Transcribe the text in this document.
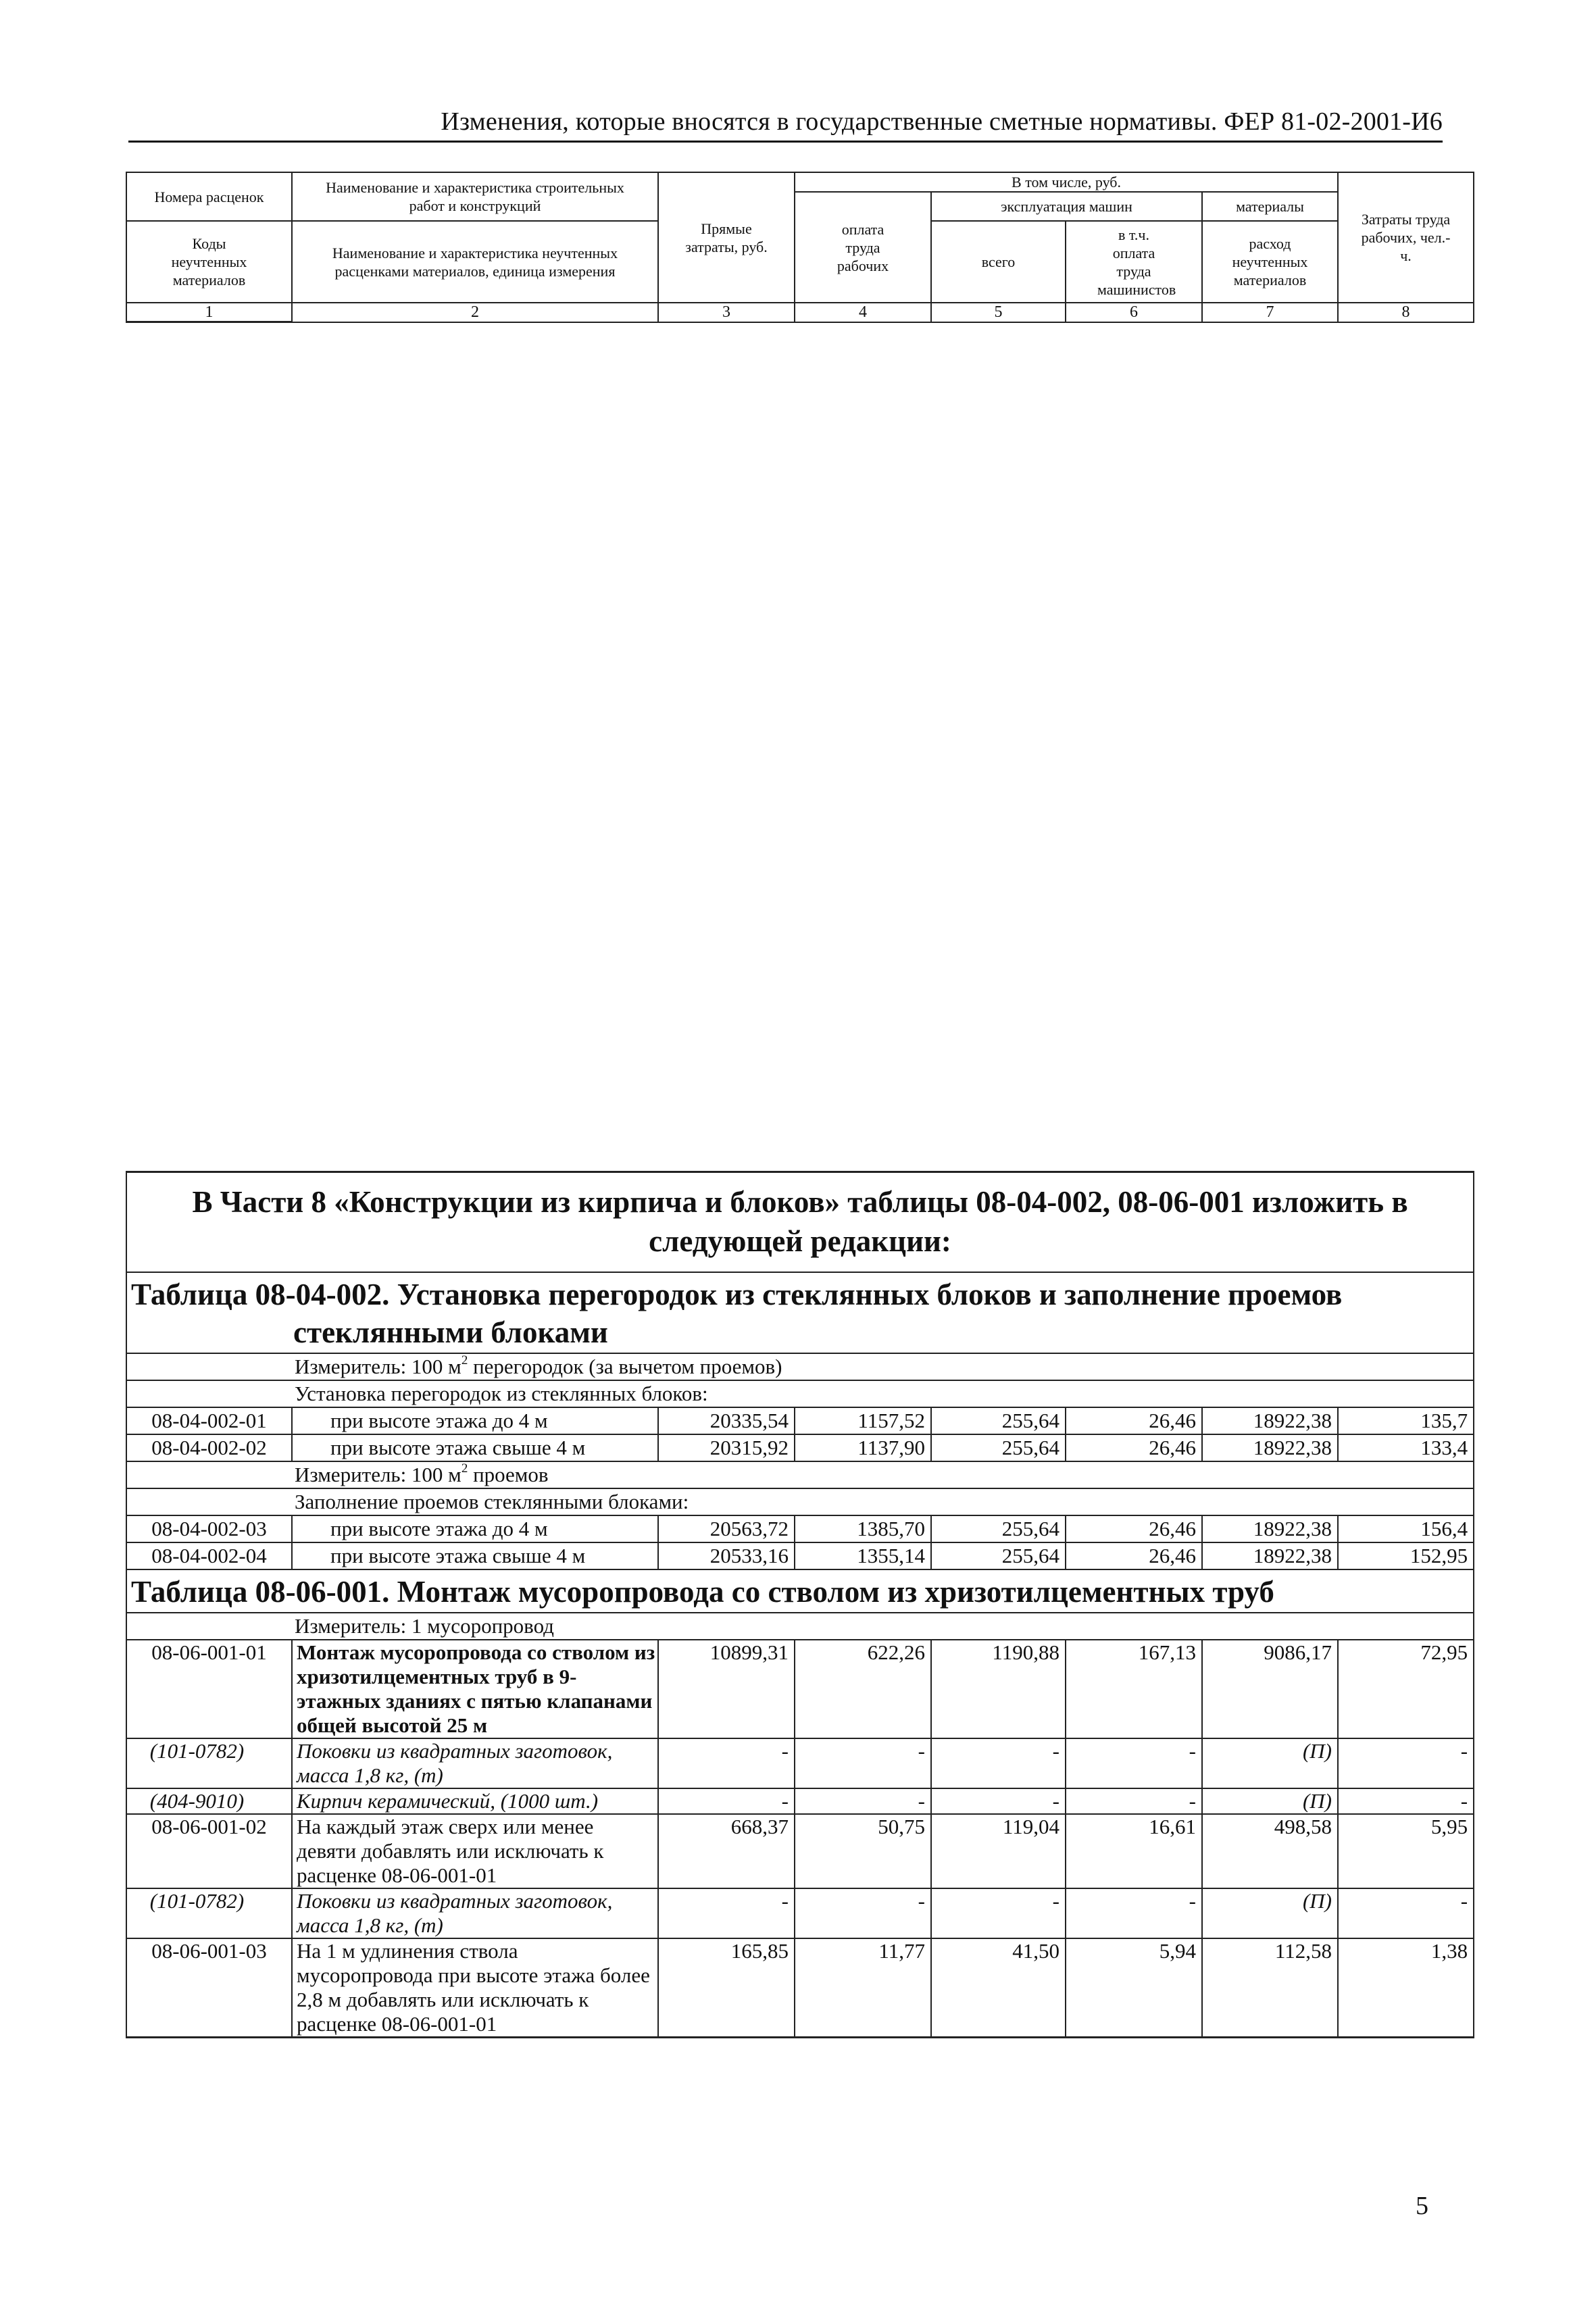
Изменения, которые вносятся в государственные сметные нормативы. ФЕР 81-02-2001-И6
Номера расценок	Наименование и характеристика строительных работ и конструкций	Прямые затраты, руб.	В том числе, руб.				Затраты труда рабочих, чел.-ч.
			оплата труда рабочих	эксплуатация машин		материалы	
Коды неучтенных материалов	Наименование и характеристика неучтенных расценками материалов, единица измерения			всего	в т.ч. оплата труда машинистов	расход неучтенных материалов	

1	2	3	4	5	6	7	8
В Части 8 «Конструкции из кирпича и блоков» таблицы 08-04-002, 08-06-001 изложить в следующей редакции:							
Таблица 08-04-002. Установка перегородок из стеклянных блоков и заполнение проемов
стеклянными блоками							

Измеритель: 100 $м^2$ перегородок (за вычетом проемов)							
Установка перегородок из стеклянных блоков:							
08-04-002-01	при высоте этажа до 4 м	20335,54	1157,52	255,64	26,46	18922,38	135,7
08-04-002-02	при высоте этажа свыше 4 м	20315,92	1137,90	255,64	26,46	18922,38	133,4
Измеритель: 100 $м^2$ проемов							
Заполнение проемов стеклянными блоками:							
08-04-002-03	при высоте этажа до 4 м	20563,72	1385,70	255,64	26,46	18922,38	156,4
08-04-002-04	при высоте этажа свыше 4 м	20533,16	1355,14	255,64	26,46	18922,38	152,95
Таблица 08-06-001. Монтаж мусоропровода со стволом из хризотилцементных труб							
Измеритель: 1 мусоропровод							
08-06-001-01	Монтаж мусоропровода со стволом из хризотилцементных труб в 9-этажных зданиях с пятью клапанами общей высотой 25 м	10899,31	622,26	1190,88	167,13	9086,17	72,95
(101-0782)	Поковки из квадратных заготовок, масса 1,8 кг, (т)	-	-	-	-	(П)	-
(404-9010)	Кирпич керамический, (1000 шт.)	-	-	-	-	(П)	-
08-06-001-02	На каждый этаж сверх или менее девяти добавлять или исключать к расценке 08-06-001-01	668,37	50,75	119,04	16,61	498,58	5,95
(101-0782)	Поковки из квадратных заготовок, масса 1,8 кг, (т)	-	-	-	-	(П)	-
08-06-001-03	На 1 м удлинения ствола мусоропровода при высоте этажа более 2,8 м добавлять или исключать к расценке 08-06-001-01	165,85	11,77	41,50	5,94	112,58	1,38
5
